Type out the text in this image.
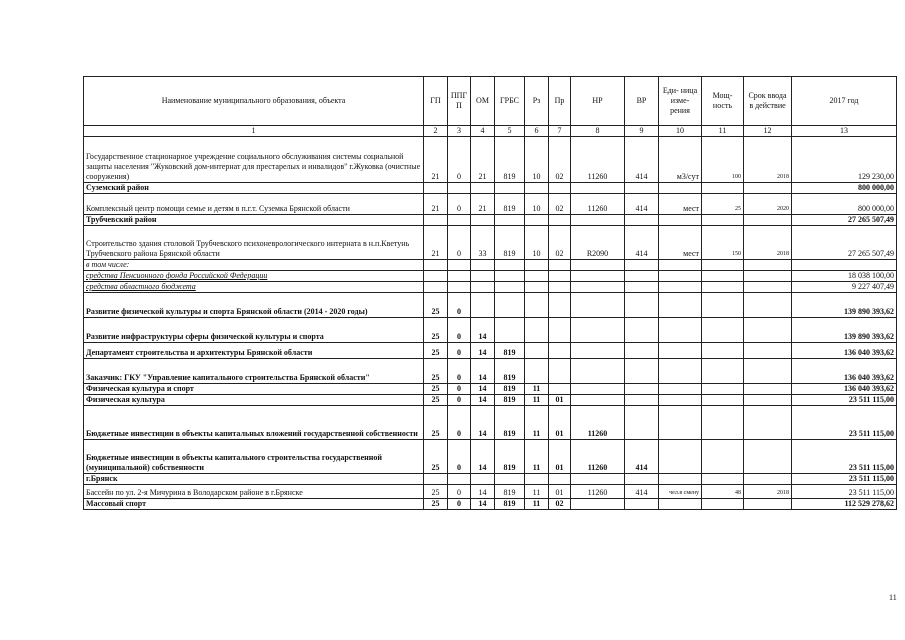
Наименование муниципального образования, объекта	ГП	ППГ П	ОМ	ГРБС	Рз	Пр	НР	ВР	Еди- ница изме- рения	Мощ- ность	Срок ввода в действие	2017 год
1	2	3	4	5	6	7	8	9	10	11	12	13
Государственное стационарное учреждение социального обслуживания системы социальной защиты населения "Жуковский дом-интернат для престарелых и инвалидов" г.Жуковка (очистные сооружения)	21	0	21	819	10	02	11260	414	м3/сут	100	2018	129 230,00
Суземский район												800 000,00
Комплексный центр помощи семье и детям в п.г.т. Суземка Брянской области	21	0	21	819	10	02	11260	414	мест	25	2020	800 000,00
Трубчевский район												27 265 507,49
Строительство здания столовой Трубчевского психоневрологического интерната в н.п.Кветунь Трубчевского района Брянской области	21	0	33	819	10	02	R2090	414	мест	150	2018	27 265 507,49
в том числе:												
средства Пенсионного фонда Российской Федерации												18 038 100,00
средства областного бюджета												9 227 407,49
Развитие физической культуры и спорта Брянской области (2014 - 2020 годы)	25	0										139 890 393,62
Развитие инфраструктуры сферы физической культуры и спорта	25	0	14									139 890 393,62
Департамент строительства и архитектуры Брянской области	25	0	14	819								136 040 393,62
Заказчик: ГКУ "Управление капитального строительства Брянской области"	25	0	14	819								136 040 393,62
Физическая культура и спорт	25	0	14	819	11							136 040 393,62
Физическая культура	25	0	14	819	11	01						23 511 115,00
Бюджетные инвестиции в объекты капитальных вложений государственной собственности	25	0	14	819	11	01	11260					23 511 115,00
Бюджетные инвестиции в объекты капитального строительства государственной (муниципальной) собственности	25	0	14	819	11	01	11260	414				23 511 115,00
г.Брянск												23 511 115,00
Бассейн по ул. 2-я Мичурина в Володарском районе в г.Брянске	25	0	14	819	11	01	11260	414	чел.в смену	48	2018	23 511 115,00
Массовый спорт	25	0	14	819	11	02						112 529 278,62
11
